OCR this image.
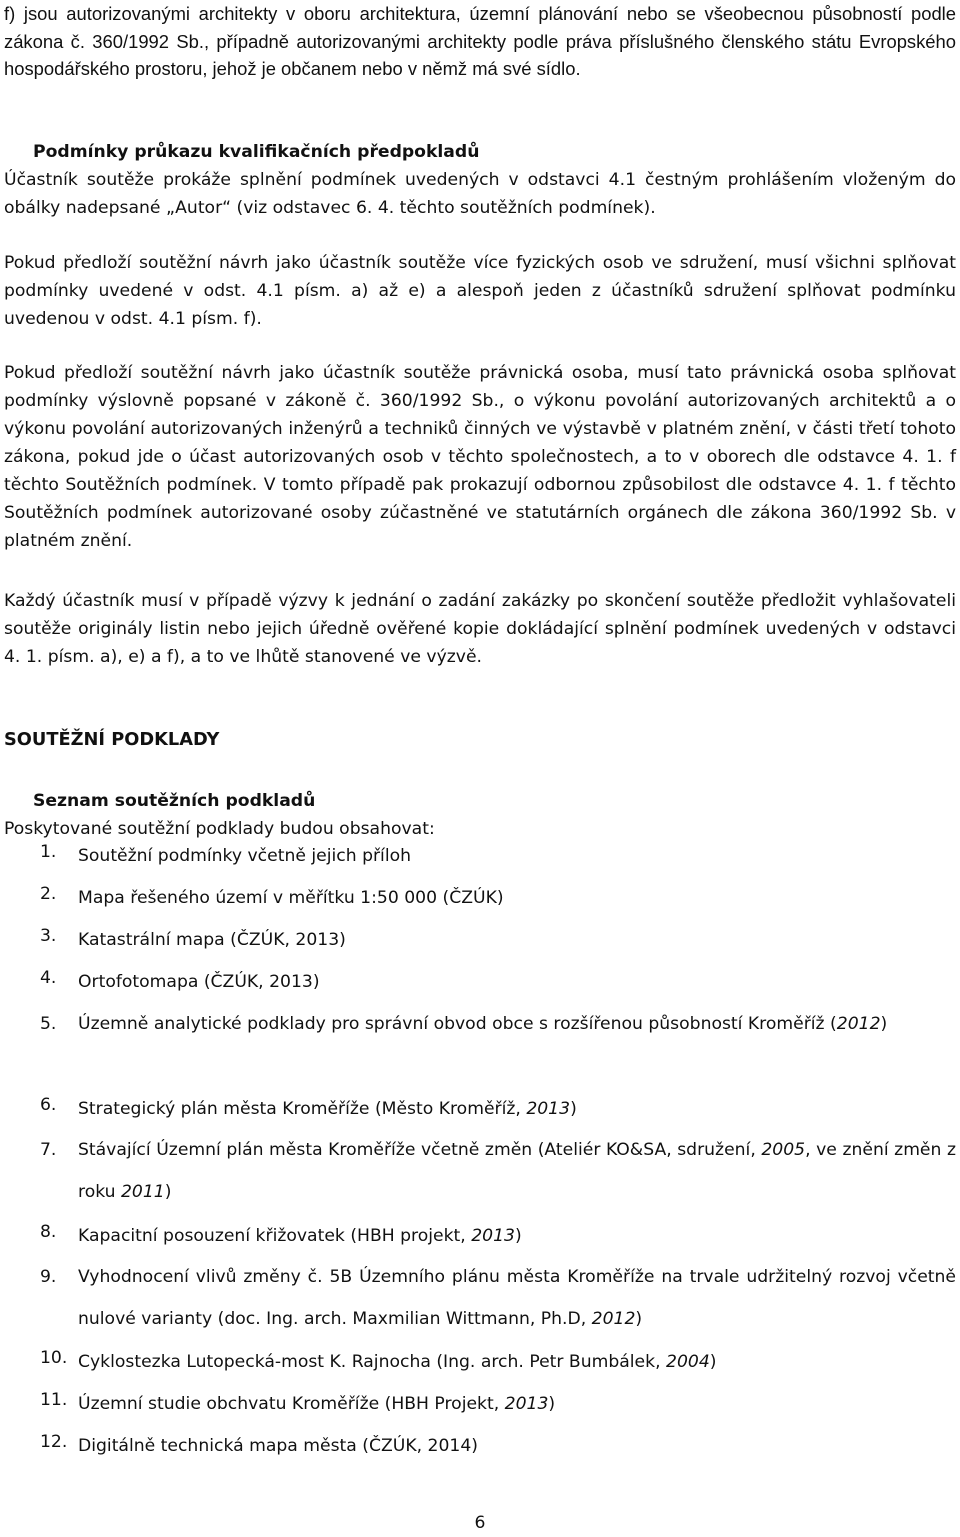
f) jsou autorizovanými architekty v oboru architektura, územní plánování nebo se všeobecnou působností podle zákona č. 360/1992 Sb., případně autorizovanými architekty podle práva příslušného členského státu Evropského hospodářského prostoru, jehož je občanem nebo v němž má své sídlo.

Podmínky průkazu kvalifikačních předpokladů

Účastník soutěže prokáže splnění podmínek uvedených v odstavci 4.1 čestným prohlášením vloženým do obálky nadepsané „Autor“ (viz odstavec 6. 4. těchto soutěžních podmínek).

Pokud předloží soutěžní návrh jako účastník soutěže více fyzických osob ve sdružení, musí všichni splňovat podmínky uvedené v odst. 4.1 písm. a) až e) a alespoň jeden z účastníků sdružení splňovat podmínku uvedenou v odst. 4.1 písm. f).

Pokud předloží soutěžní návrh jako účastník soutěže právnická osoba, musí tato právnická osoba splňovat podmínky výslovně popsané v zákoně č. 360/1992 Sb., o výkonu povolání autorizovaných architektů a o výkonu povolání autorizovaných inženýrů a techniků činných ve výstavbě v platném znění, v části třetí tohoto zákona, pokud jde o účast autorizovaných osob v těchto společnostech, a to v oborech dle odstavce 4. 1. f těchto Soutěžních podmínek. V tomto případě pak prokazují odbornou způsobilost dle odstavce 4. 1. f těchto Soutěžních podmínek autorizované osoby zúčastněné ve statutárních orgánech dle zákona 360/1992 Sb. v platném znění.

Každý účastník musí v případě výzvy k jednání o zadání zakázky po skončení soutěže předložit vyhlašovateli soutěže originály listin nebo jejich úředně ověřené kopie dokládající splnění podmínek uvedených v odstavci 4. 1. písm. a), e) a f), a to ve lhůtě stanovené ve výzvě.

SOUTĚŽNÍ PODKLADY

Seznam soutěžních podkladů

Poskytované soutěžní podklady budou obsahovat:

1.	Soutěžní podmínky včetně jejich příloh
2.	Mapa řešeného území v měřítku 1:50 000 (ČZÚK)
3.	Katastrální mapa (ČZÚK, 2013)
4.	Ortofotomapa (ČZÚK, 2013)
5.	Územně analytické podklady pro správní obvod obce s rozšířenou působností Kroměříž (2012)
6.	Strategický plán města Kroměříže (Město Kroměříž, 2013)
7.	Stávající Územní plán města Kroměříže včetně změn (Ateliér KO&SA, sdružení, 2005, ve znění změn z roku 2011)
8.	Kapacitní posouzení křižovatek (HBH projekt, 2013)
9.	Vyhodnocení vlivů změny č. 5B Územního plánu města Kroměříže na trvale udržitelný rozvoj včetně nulové varianty (doc. Ing. arch. Maxmilian Wittmann, Ph.D, 2012)
10. Cyklostezka Lutopecká-most K. Rajnocha (Ing. arch. Petr Bumbálek, 2004)
11. Územní studie obchvatu Kroměříže (HBH Projekt, 2013)
12. Digitálně technická mapa města (ČZÚK, 2014)
6
